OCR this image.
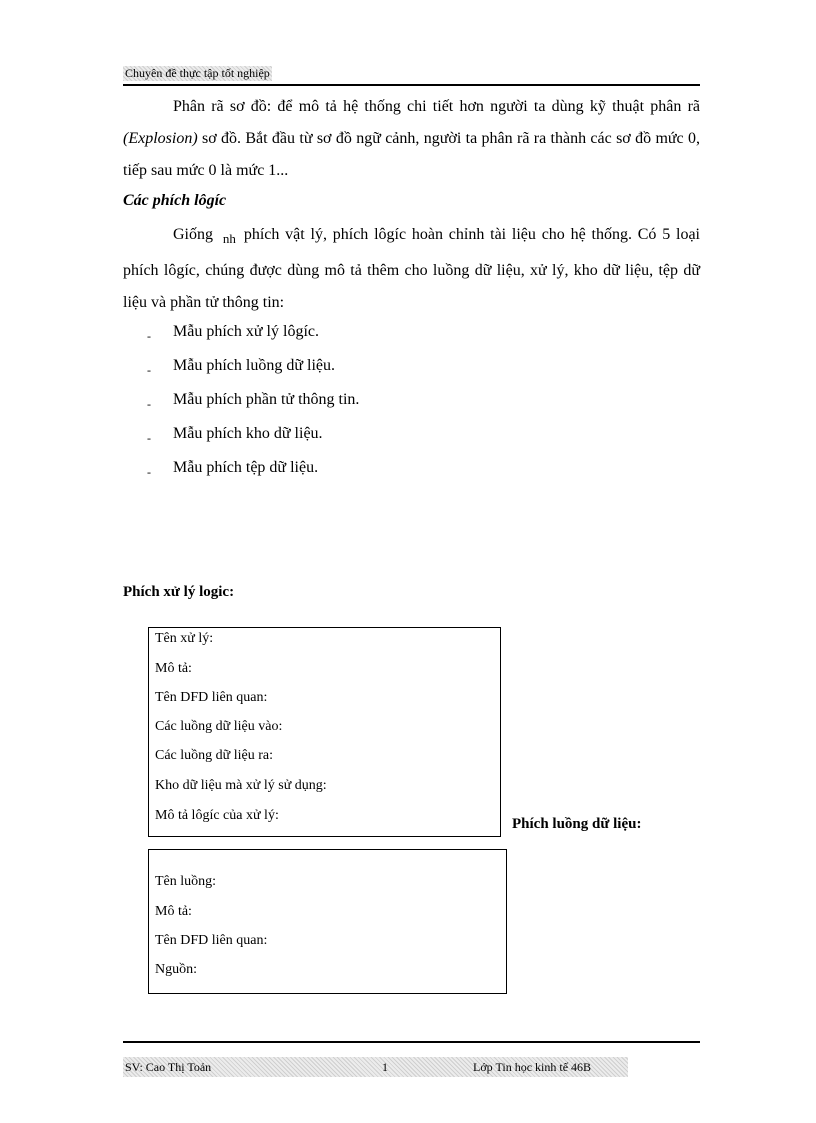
Chuyên đề thực tập tốt nghiệp
Phân rã sơ đồ: để mô tả hệ thống chi tiết hơn người ta dùng kỹ thuật phân rã (Explosion) sơ đồ. Bắt đầu từ sơ đồ ngữ cảnh, người ta phân rã ra thành các sơ đồ mức 0, tiếp sau mức 0 là mức 1...
Các phích lôgíc
Giống $_{nh}$ phích vật lý, phích lôgíc hoàn chỉnh tài liệu cho hệ thống. Có 5 loại phích lôgíc, chúng được dùng mô tả thêm cho luồng dữ liệu, xử lý, kho dữ liệu, tệp dữ liệu và phần tử thông tin:
- Mẫu phích xử lý lôgíc.
- Mẫu phích luồng dữ liệu.
- Mẫu phích phần tử thông tin.
- Mẫu phích kho dữ liệu.
- Mẫu phích tệp dữ liệu.
Phích xử lý logic:
Tên xử lý:
Mô tả:
Tên DFD liên quan:
Các luồng dữ liệu vào:
Các luồng dữ liệu ra:
Kho dữ liệu mà xử lý sử dụng:
Mô tả lôgíc của xử lý:
Phích luồng dữ liệu:
Tên luồng:
Mô tả:
Tên DFD liên quan:
Nguồn:
SV: Cao Thị Toản	1	Lớp Tin học kinh tế 46B
